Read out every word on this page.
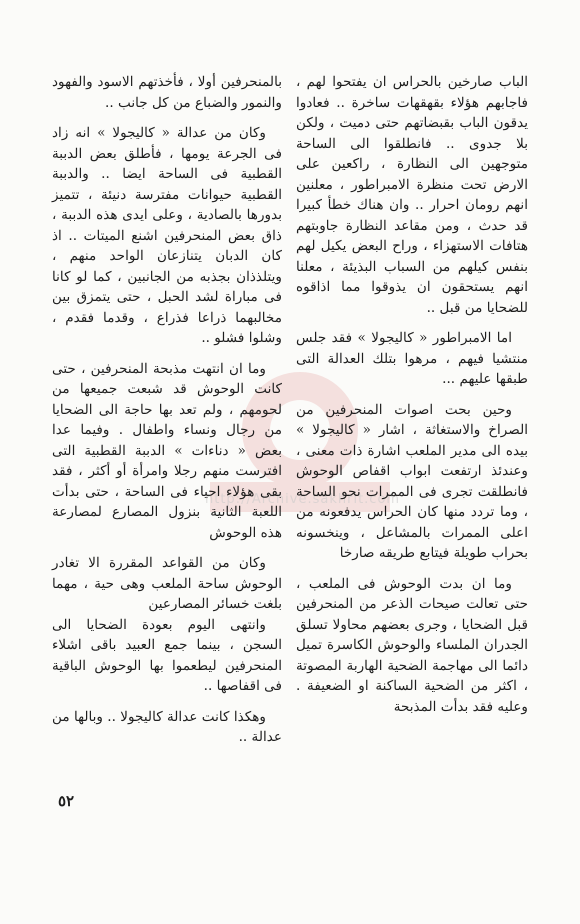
http://Archive.sakhrit.com

الباب صارخين بالحراس ان يفتحوا لهم ، فاجابهم هؤلاء بقهقهات ساخرة .. فعادوا يدقون الباب بقبضاتهم حتى دميت ، ولكن بلا جدوى .. فانطلقوا الى الساحة متوجهين الى النظارة ، راكعين على الارض تحت منظرة الامبراطور ، معلنين انهم رومان احرار .. وان هناك خطأ كبيرا قد حدث ، ومن مقاعد النظارة جاوبتهم هتافات الاستهزاء ، وراح البعض يكيل لهم بنفس كيلهم من السباب البذيئة ، معلنا انهم يستحقون ان يذوقوا مما اذاقوه للضحايا من قبل ..

اما الامبراطور « كاليجولا » فقد جلس منتشيا فيهم ، مرهوا بتلك العدالة التى طبقها عليهم ...

وحين بحت اصوات المنحرفين من الصراخ والاستغاثة ، اشار « كاليجولا » بيده الى مدير الملعب اشارة ذات معنى ، وعندئذ ارتفعت ابواب اقفاص الوحوش فانطلقت تجرى فى الممرات نحو الساحة ، وما تردد منها كان الحراس يدفعونه من اعلى الممرات بالمشاعل ، وينخسونه بحراب طويلة فيتابع طريقه صارخا

وما ان بدت الوحوش فى الملعب ، حتى تعالت صيحات الذعر من المنحرفين قبل الضحايا ، وجرى بعضهم محاولا تسلق الجدران الملساء والوحوش الكاسرة تميل دائما الى مهاجمة الضحية الهاربة المصوتة ، اكثر من الضحية الساكنة او الضعيفة . وعليه فقد بدأت المذبحة

بالمنحرفين أولا ، فأخذتهم الاسود والفهود والنمور والضباع من كل جانب ..

وكان من عدالة « كاليجولا » انه زاد فى الجرعة يومها ، فأطلق بعض الدببة القطبية فى الساحة ايضا .. والدببة القطبية حيوانات مفترسة دنيئة ، تتميز بدورها بالصادية ، وعلى ايدى هذه الدببة ، ذاق بعض المنحرفين اشنع الميتات .. اذ كان الدبان يتنازعان الواحد منهم ، ويتلذذان بجذبه من الجانبين ، كما لو كانا فى مباراة لشد الحبل ، حتى يتمزق بين مخالبهما ذراعا فذراع ، وقدما فقدم ، وشلوا فشلو ..

وما ان انتهت مذبحة المنحرفين ، حتى كانت الوحوش قد شبعت جميعها من لحومهم ، ولم تعد بها حاجة الى الضحايا من رجال ونساء واطفال . وفيما عدا بعض « دناءات » الدببة القطبية التى افترست منهم رجلا وامرأة أو أكثر ، فقد بقى هؤلاء احياء فى الساحة ، حتى بدأت اللعبة الثانية بنزول المصارع لمصارعة هذه الوحوش

وكان من القواعد المقررة الا تغادر الوحوش ساحة الملعب وهى حية ، مهما بلغت خسائر المصارعين

وانتهى اليوم بعودة الضحايا الى السجن ، بينما جمع العبيد باقى اشلاء المنحرفين ليطعموا بها الوحوش الباقية فى اقفاصها ..

وهكذا كانت عدالة كاليجولا .. وبالها من عدالة ..

٥٢
